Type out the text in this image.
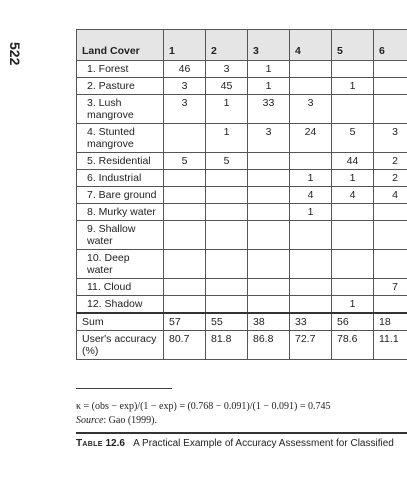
522	Land Cover	1	2	3	4	5	6
1. Forest	46	3	1			
2. Pasture	3	45	1		1	
3. Lush mangrove	3	1	33	3		
4. Stunted mangrove		1	3	24	5	3
5. Residential	5	5			44	2
6. Industrial				1	1	2
7. Bare ground				4	4	4
8. Murky water				1		
9. Shallow water						
10. Deep water						
11. Cloud						7
12. Shadow					1	
Sum	57	55	38	33	56	18
User's accuracy (%)	80.7	81.8	86.8	72.7	78.6	11.1
κ = (obs − exp)/(1 − exp) = (0.768 − 0.091)/(1 − 0.091) = 0.745
Source: Gao (1999).
Table 12.6 A Practical Example of Accuracy Assessment for Classified
